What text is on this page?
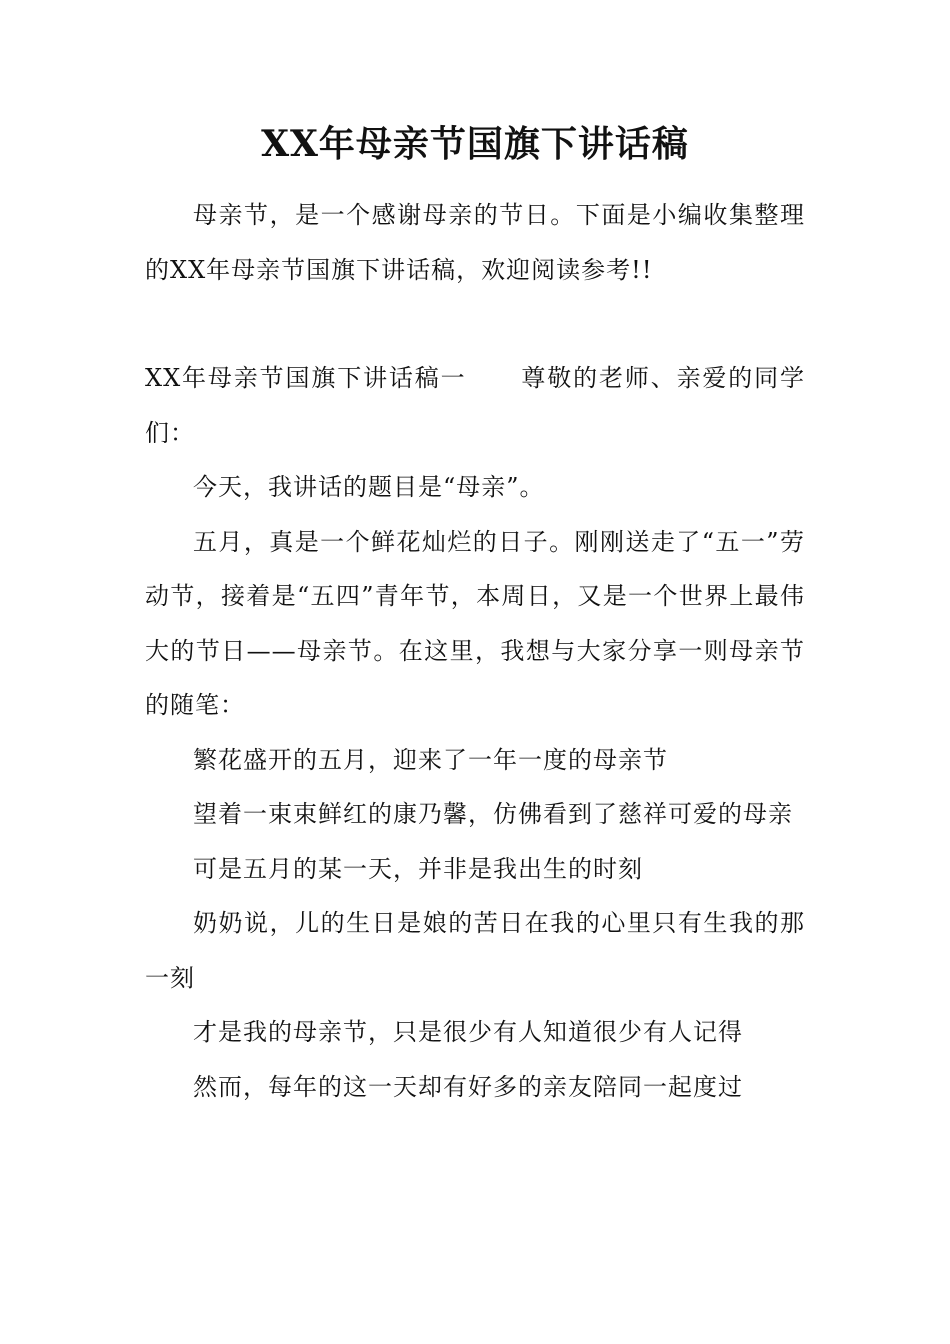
XX年母亲节国旗下讲话稿

母亲节，是一个感谢母亲的节日。下面是小编收集整理的XX年母亲节国旗下讲话稿，欢迎阅读参考!!

XX年母亲节国旗下讲话稿一 尊敬的老师、亲爱的同学们：

今天，我讲话的题目是“母亲”。

五月，真是一个鲜花灿烂的日子。刚刚送走了“五一”劳动节，接着是“五四”青年节，本周日，又是一个世界上最伟大的节日——母亲节。在这里，我想与大家分享一则母亲节的随笔：

繁花盛开的五月，迎来了一年一度的母亲节

望着一束束鲜红的康乃馨，仿佛看到了慈祥可爱的母亲

可是五月的某一天，并非是我出生的时刻

奶奶说，儿的生日是娘的苦日在我的心里只有生我的那一刻

才是我的母亲节，只是很少有人知道很少有人记得

然而，每年的这一天却有好多的亲友陪同一起度过
